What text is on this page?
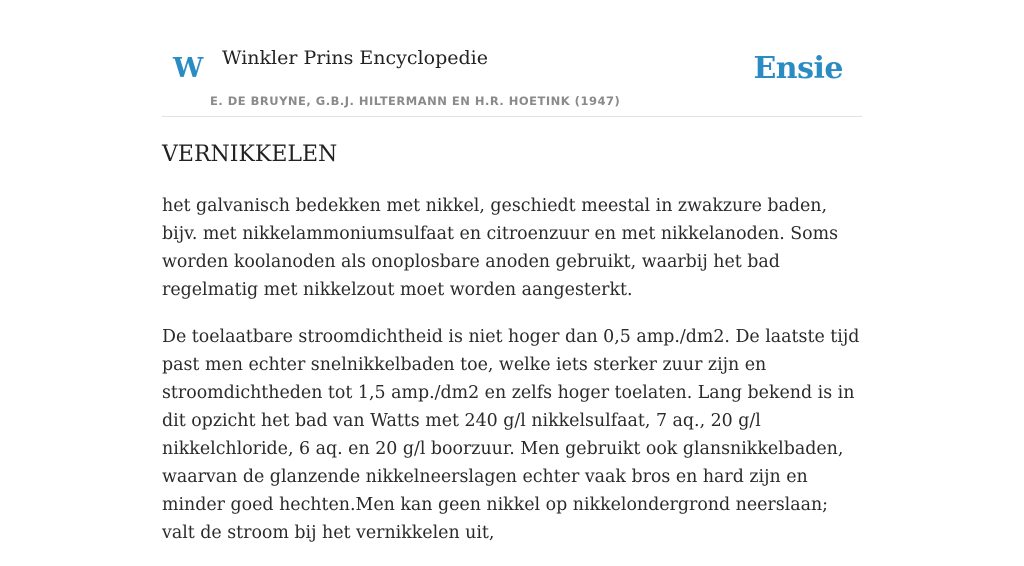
W Winkler Prins Encyclopedie
E. DE BRUYNE, G.B.J. HILTERMANN EN H.R. HOETINK (1947)
Ensie
VERNIKKELEN

het galvanisch bedekken met nikkel, geschiedt meestal in zwakzure baden, bijv. met nikkelammoniumsulfaat en citroenzuur en met nikkelanoden. Soms worden koolanoden als onoplosbare anoden gebruikt, waarbij het bad regelmatig met nikkelzout moet worden aangesterkt.

De toelaatbare stroomdichtheid is niet hoger dan 0,5 amp./dm2. De laatste tijd past men echter snelnikkelbaden toe, welke iets sterker zuur zijn en stroomdichtheden tot 1,5 amp./dm2 en zelfs hoger toelaten. Lang bekend is in dit opzicht het bad van Watts met 240 g/l nikkelsulfaat, 7 aq., 20 g/l nikkelchloride, 6 aq. en 20 g/l boorzuur. Men gebruikt ook glansnikkelbaden, waarvan de glanzende nikkelneerslagen echter vaak bros en hard zijn en minder goed hechten.Men kan geen nikkel op nikkelondergrond neerslaan; valt de stroom bij het vernikkelen uit,
